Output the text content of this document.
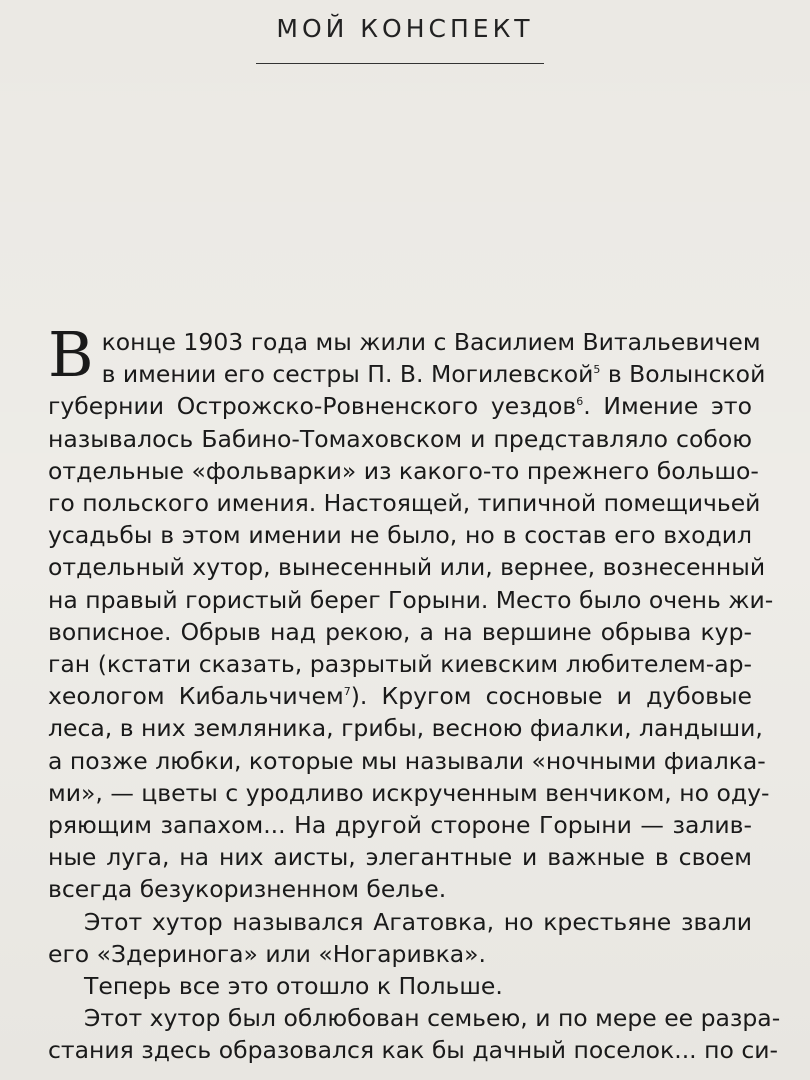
МОЙ КОНСПЕКТ

В конце 1903 года мы жили с Василием Витальевичем
в имении его сестры П. В. Могилевской$^5$ в Волынской
губернии Острожско-Ровненского уездов$^6$. Имение это
называлось Бабино-Томаховском и представляло собою
отдельные «фольварки» из какого-то прежнего большо-
го польского имения. Настоящей, типичной помещичьей
усадьбы в этом имении не было, но в состав его входил
отдельный хутор, вынесенный или, вернее, вознесенный
на правый гористый берег Горыни. Место было очень жи-
вописное. Обрыв над рекою, а на вершине обрыва кур-
ган (кстати сказать, разрытый киевским любителем-ар-
хеологом Кибальчичем$^7$). Кругом сосновые и дубовые
леса, в них земляника, грибы, весною фиалки, ландыши,
а позже любки, которые мы называли «ночными фиалка-
ми», — цветы с уродливо искрученным венчиком, но оду-
ряющим запахом... На другой стороне Горыни — залив-
ные луга, на них аисты, элегантные и важные в своем
всегда безукоризненном белье.

Этот хутор назывался Агатовка, но крестьяне звали
его «Здеринога» или «Ногаривка».

Теперь все это отошло к Польше.

Этот хутор был облюбован семьею, и по мере ее разра-
стания здесь образовался как бы дачный поселок... по си-
